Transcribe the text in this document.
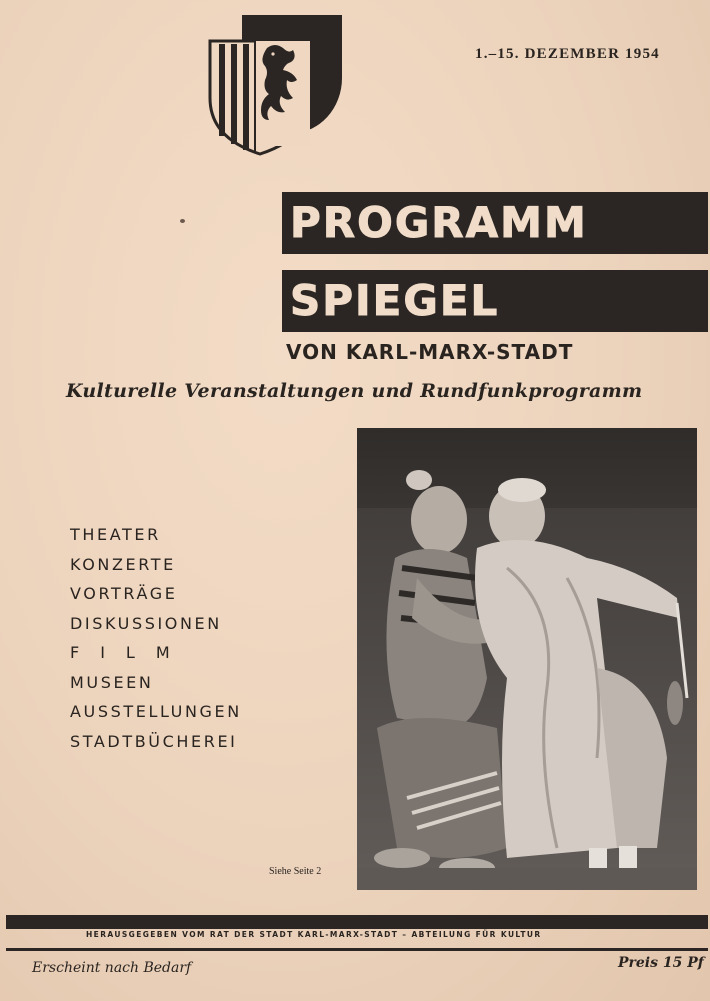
1.–15. DEZEMBER 1954
PROGRAMM
SPIEGEL
VON KARL-MARX-STADT
Kulturelle Veranstaltungen und Rundfunkprogramm
THEATER
KONZERTE
VORTRÄGE
DISKUSSIONEN
FILM
MUSEEN
AUSSTELLUNGEN
STADTBÜCHEREI
Siehe Seite 2
HERAUSGEGEBEN VOM RAT DER STADT KARL-MARX-STADT – ABTEILUNG FÜR KULTUR
Erscheint nach Bedarf	Preis 15 Pf
